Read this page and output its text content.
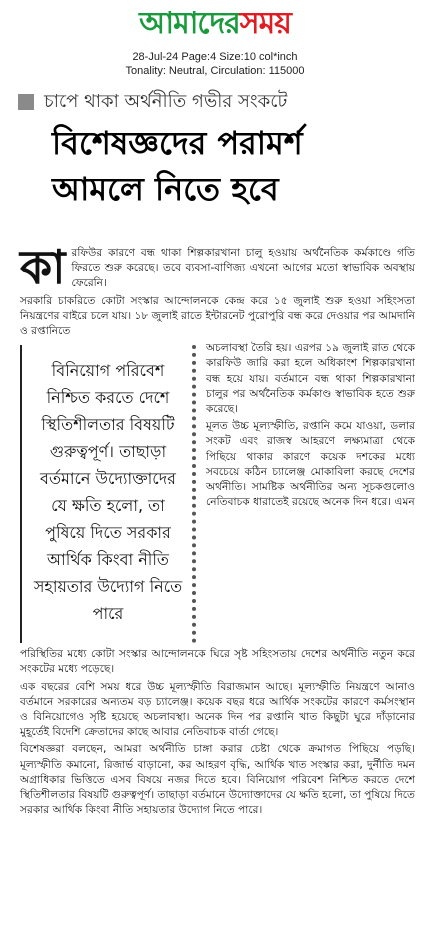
আমাদেরসময়
28-Jul-24 Page:4 Size:10 col*inch
Tonality: Neutral, Circulation: 115000
চাপে থাকা অর্থনীতি গভীর সংকটে
বিশেষজ্ঞদের পরামর্শ
আমলে নিতে হবে

কারফিউর কারণে বন্ধ থাকা শিল্পকারখানা চালু হওয়ায় অর্থনৈতিক কর্মকাণ্ডে গতি ফিরতে শুরু করেছে। তবে ব্যবসা-বাণিজ্য এখনো আগের মতো স্বাভাবিক অবস্থায় ফেরেনি।

সরকারি চাকরিতে কোটা সংস্কার আন্দোলনকে কেন্দ্র করে ১৫ জুলাই শুরু হওয়া সহিংসতা নিয়ন্ত্রণের বাইরে চলে যায়। ১৮ জুলাই রাতে ইন্টারনেট পুরোপুরি বন্ধ করে দেওয়ার পর আমদানি ও রপ্তানিতে

বিনিয়োগ পরিবেশ নিশ্চিত করতে দেশে স্থিতিশীলতার বিষয়টি গুরুত্বপূর্ণ। তাছাড়া বর্তমানে উদ্যোক্তাদের যে ক্ষতি হলো, তা পুষিয়ে দিতে সরকার আর্থিক কিংবা নীতি সহায়তার উদ্যোগ নিতে পারে

অচলাবস্থা তৈরি হয়। এরপর ১৯ জুলাই রাত থেকে কারফিউ জারি করা হলে অধিকাংশ শিল্পকারখানা বন্ধ হয়ে যায়। বর্তমানে বন্ধ থাকা শিল্পকারখানা চালুর পর অর্থনৈতিক কর্মকাণ্ড স্বাভাবিক হতে শুরু করেছে।

মূলত উচ্চ মূল্যস্ফীতি, রপ্তানি কমে যাওয়া, ডলার সংকট এবং রাজস্ব আহরণে লক্ষ্যমাত্রা থেকে পিছিয়ে থাকার কারণে কয়েক দশকের মধ্যে সবচেয়ে কঠিন চ্যালেঞ্জ মোকাবিলা করছে দেশের অর্থনীতি। সামষ্টিক অর্থনীতির অন্য সূচকগুলোও নেতিবাচক ধারাতেই রয়েছে অনেক দিন ধরে। এমন

পরিস্থিতির মধ্যে কোটা সংস্কার আন্দোলনকে ঘিরে সৃষ্ট সহিংসতায় দেশের অর্থনীতি নতুন করে সংকটের মধ্যে পড়েছে।

এক বছরের বেশি সময় ধরে উচ্চ মূল্যস্ফীতি বিরাজমান আছে। মূল্যস্ফীতি নিয়ন্ত্রণে আনাও বর্তমানে সরকারের অন্যতম বড় চ্যালেঞ্জ। কয়েক বছর ধরে আর্থিক সংকটের কারণে কর্মসংস্থান ও বিনিয়োগেও সৃষ্টি হয়েছে অচলাবস্থা। অনেক দিন পর রপ্তানি খাত কিছুটা ঘুরে দাঁড়ানোর মুহূর্তেই বিদেশি ক্রেতাদের কাছে আবার নেতিবাচক বার্তা গেছে।

বিশেষজ্ঞরা বলছেন, আমরা অর্থনীতি চাঙ্গা করার চেষ্টা থেকে ক্রমাগত পিছিয়ে পড়ছি। মূল্যস্ফীতি কমানো, রিজার্ভ বাড়ানো, কর আহরণ বৃদ্ধি, আর্থিক খাত সংস্কার করা, দুর্নীতি দমন অগ্রাধিকার ভিত্তিতে এসব বিষয়ে নজর দিতে হবে। বিনিয়োগ পরিবেশ নিশ্চিত করতে দেশে স্থিতিশীলতার বিষয়টি গুরুত্বপূর্ণ। তাছাড়া বর্তমানে উদ্যোক্তাদের যে ক্ষতি হলো, তা পুষিয়ে দিতে সরকার আর্থিক কিংবা নীতি সহায়তার উদ্যোগ নিতে পারে।
